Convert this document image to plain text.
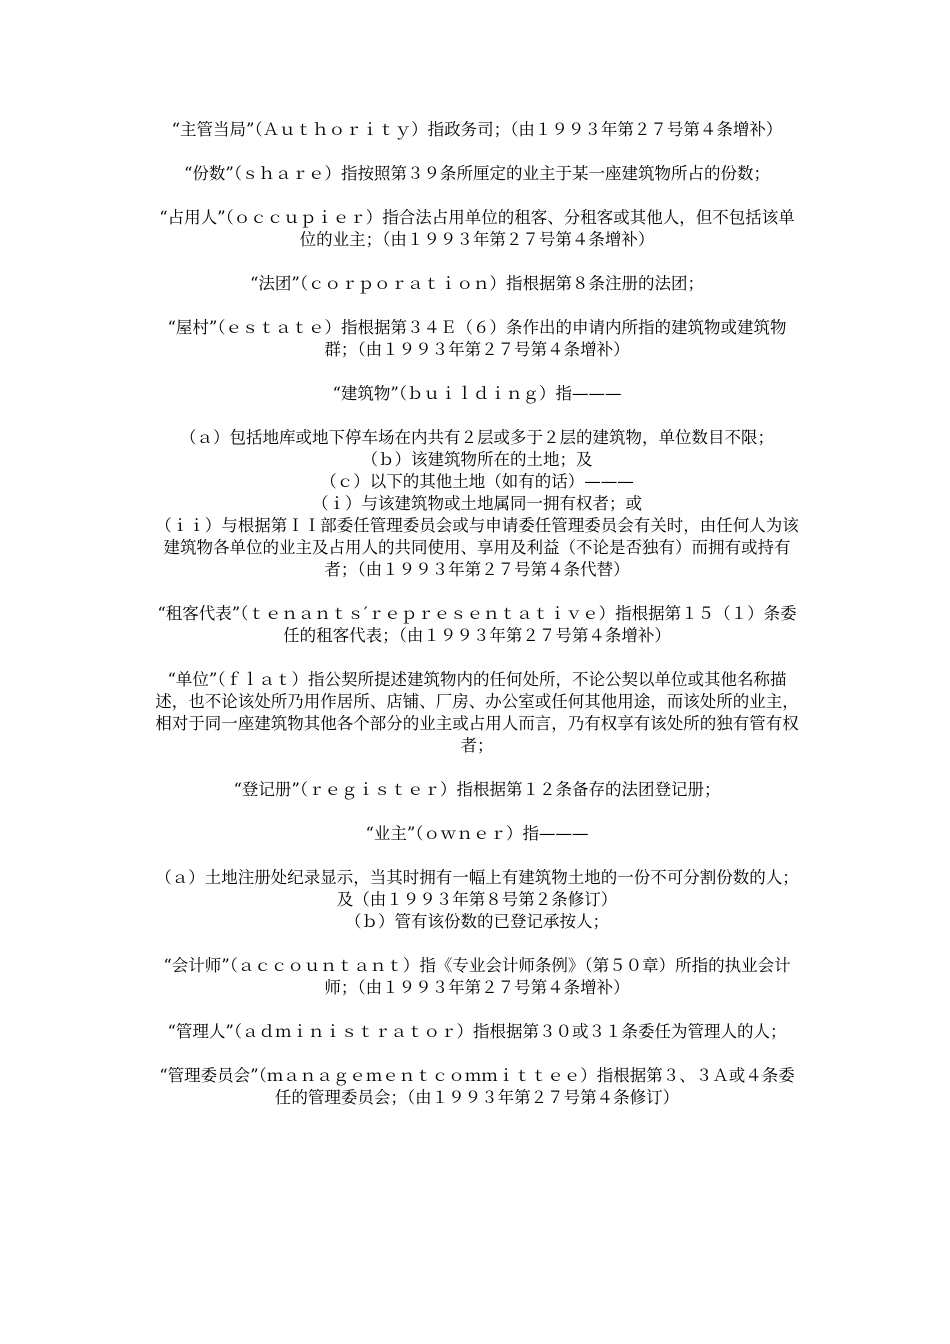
“主管当局”（Ａｕｔｈｏｒｉｔｙ）指政务司；（由１９９３年第２７号第４条增补）

“份数”（ｓｈａｒｅ）指按照第３９条所厘定的业主于某一座建筑物所占的份数；

“占用人”（ｏｃｃｕｐｉｅｒ）指合法占用单位的租客、分租客或其他人，但不包括该单位的业主；（由１９９３年第２７号第４条增补）

“法团”（ｃｏｒｐｏｒａｔｉｏｎ）指根据第８条注册的法团；

“屋村”（ｅｓｔａｔｅ）指根据第３４Ｅ（６）条作出的申请内所指的建筑物或建筑物群；（由１９９３年第２７号第４条增补）

“建筑物”（ｂｕｉｌｄｉｎｇ）指———

（ａ）包括地库或地下停车场在内共有２层或多于２层的建筑物，单位数目不限；

（ｂ）该建筑物所在的土地；及

（ｃ）以下的其他土地（如有的话）———

（ｉ）与该建筑物或土地属同一拥有权者；或

（ｉｉ）与根据第ＩＩ部委任管理委员会或与申请委任管理委员会有关时，由任何人为该建筑物各单位的业主及占用人的共同使用、享用及利益（不论是否独有）而拥有或持有者；（由１９９３年第２７号第４条代替）

“租客代表”（ｔｅｎａｎｔｓ′ｒｅｐｒｅｓｅｎｔａｔｉｖｅ）指根据第１５（１）条委任的租客代表；（由１９９３年第２７号第４条增补）

“单位”（ｆｌａｔ）指公契所提述建筑物内的任何处所，不论公契以单位或其他名称描述，也不论该处所乃用作居所、店铺、厂房、办公室或任何其他用途，而该处所的业主，相对于同一座建筑物其他各个部分的业主或占用人而言，乃有权享有该处所的独有管有权者；

“登记册”（ｒｅｇｉｓｔｅｒ）指根据第１２条备存的法团登记册；

“业主”（ｏｗｎｅｒ）指———

（ａ）土地注册处纪录显示，当其时拥有一幅上有建筑物土地的一份不可分割份数的人；及（由１９９３年第８号第２条修订）

（ｂ）管有该份数的已登记承按人；

“会计师”（ａｃｃｏｕｎｔａｎｔ）指《专业会计师条例》（第５０章）所指的执业会计师；（由１９９３年第２７号第４条增补）

“管理人”（ａｄｍｉｎｉｓｔｒａｔｏｒ）指根据第３０或３１条委任为管理人的人；

“管理委员会”（ｍａｎａｇｅｍｅｎｔｃｏｍｍｉｔｔｅｅ）指根据第３、３Ａ或４条委任的管理委员会；（由１９９３年第２７号第４条修订）
